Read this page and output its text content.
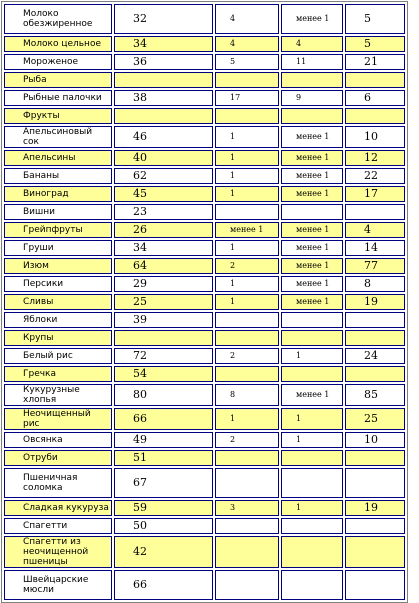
Молоко обезжиренное	32	4	менее 1	5
Молоко цельное	34	4	4	5
Мороженое	36	5	11	21
Рыба				
Рыбные палочки	38	17	9	6
Фрукты				
Апельсиновый сок	46	1	менее 1	10
Апельсины	40	1	менее 1	12
Бананы	62	1	менее 1	22
Виноград	45	1	менее 1	17
Вишни	23			
Грейпфруты	26	менее 1	менее 1	4
Груши	34	1	менее 1	14
Изюм	64	2	менее 1	77
Персики	29	1	менее 1	8
Сливы	25	1	менее 1	19
Яблоки	39			
Крупы				
Белый рис	72	2	1	24
Гречка	54			
Кукурузные хлопья	80	8	менее 1	85
Неочищенный рис	66	1	1	25
Овсянка	49	2	1	10
Отруби	51			
Пшеничная соломка	67			
Сладкая кукуруза	59	3	1	19
Спагетти	50			
Спагетти из неочищенной пшеницы	42			
Швейцарские мюсли	66			
